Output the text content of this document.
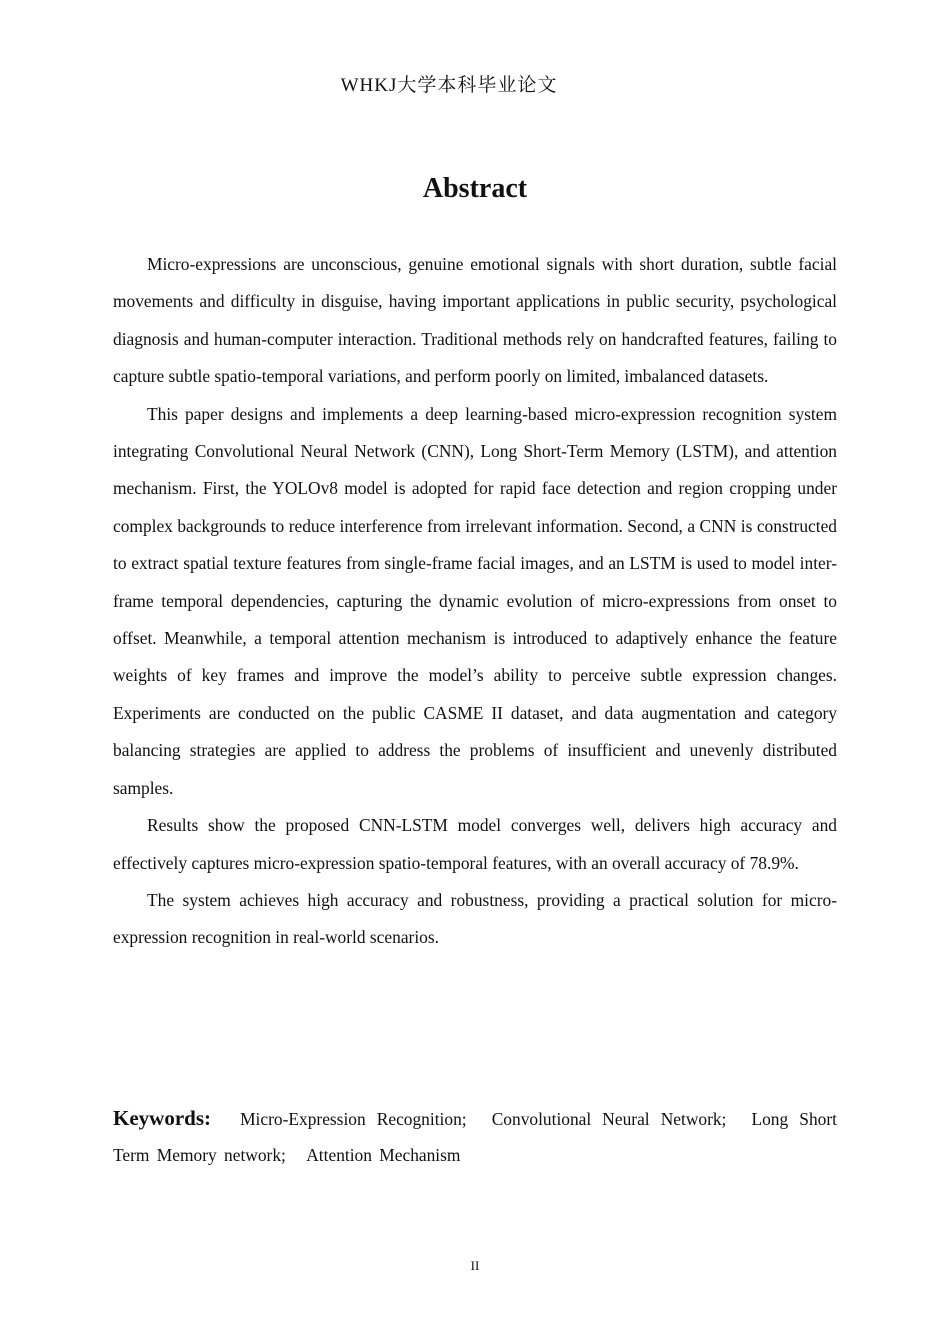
WHKJ大学本科毕业论文
Abstract

Micro-expressions are unconscious, genuine emotional signals with short duration, subtle facial movements and difficulty in disguise, having important applications in public security, psychological diagnosis and human-computer interaction. Traditional methods rely on handcrafted features, failing to capture subtle spatio-temporal variations, and perform poorly on limited, imbalanced datasets.

This paper designs and implements a deep learning-based micro-expression recognition system integrating Convolutional Neural Network (CNN), Long Short-Term Memory (LSTM), and attention mechanism. First, the YOLOv8 model is adopted for rapid face detection and region cropping under complex backgrounds to reduce interference from irrelevant information. Second, a CNN is constructed to extract spatial texture features from single-frame facial images, and an LSTM is used to model inter-frame temporal dependencies, capturing the dynamic evolution of micro-expressions from onset to offset. Meanwhile, a temporal attention mechanism is introduced to adaptively enhance the feature weights of key frames and improve the model’s ability to perceive subtle expression changes. Experiments are conducted on the public CASME II dataset, and data augmentation and category balancing strategies are applied to address the problems of insufficient and unevenly distributed samples.

Results show the proposed CNN-LSTM model converges well, delivers high accuracy and effectively captures micro-expression spatio-temporal features, with an overall accuracy of 78.9%.

The system achieves high accuracy and robustness, providing a practical solution for micro-expression recognition in real-world scenarios.

Keywords: Micro-Expression Recognition; Convolutional Neural Network; Long Short Term Memory network; Attention Mechanism

II
